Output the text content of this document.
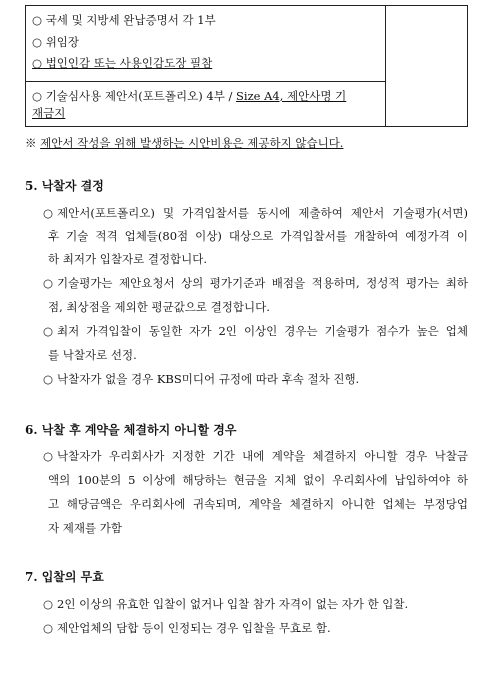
○ 국세 및 지방세 완납증명서 각 1부
○ 위임장
○ 법인인감 또는 사용인감도장 필참
○ 기술심사용 제안서(포트폴리오) 4부 / Size A4, 제안사명 기
재금지
※ 제안서 작성을 위해 발생하는 시안비용은 제공하지 않습니다.
5. 낙찰자 결정
○ 제안서(포트폴리오) 및 가격입찰서를 동시에 제출하여 제안서 기술평가(서면)
후 기술 적격 업체들(80점 이상) 대상으로 가격입찰서를 개찰하여 예정가격 이
하 최저가 입찰자로 결정합니다.
○ 기술평가는 제안요청서 상의 평가기준과 배점을 적용하며, 정성적 평가는 최하
점, 최상점을 제외한 평균값으로 결정합니다.
○ 최저 가격입찰이 동일한 자가 2인 이상인 경우는 기술평가 점수가 높은 업체
를 낙찰자로 선정.
○ 낙찰자가 없을 경우 KBS미디어 규정에 따라 후속 절차 진행.
6. 낙찰 후 계약을 체결하지 아니할 경우
○ 낙찰자가 우리회사가 지정한 기간 내에 계약을 체결하지 아니할 경우 낙찰금
액의 100분의 5 이상에 해당하는 현금을 지체 없이 우리회사에 납입하여야 하
고 해당금액은 우리회사에 귀속되며, 계약을 체결하지 아니한 업체는 부정당업
자 제재를 가함
7. 입찰의 무효
○ 2인 이상의 유효한 입찰이 없거나 입찰 참가 자격이 없는 자가 한 입찰.
○ 제안업체의 담합 등이 인정되는 경우 입찰을 무효로 함.
